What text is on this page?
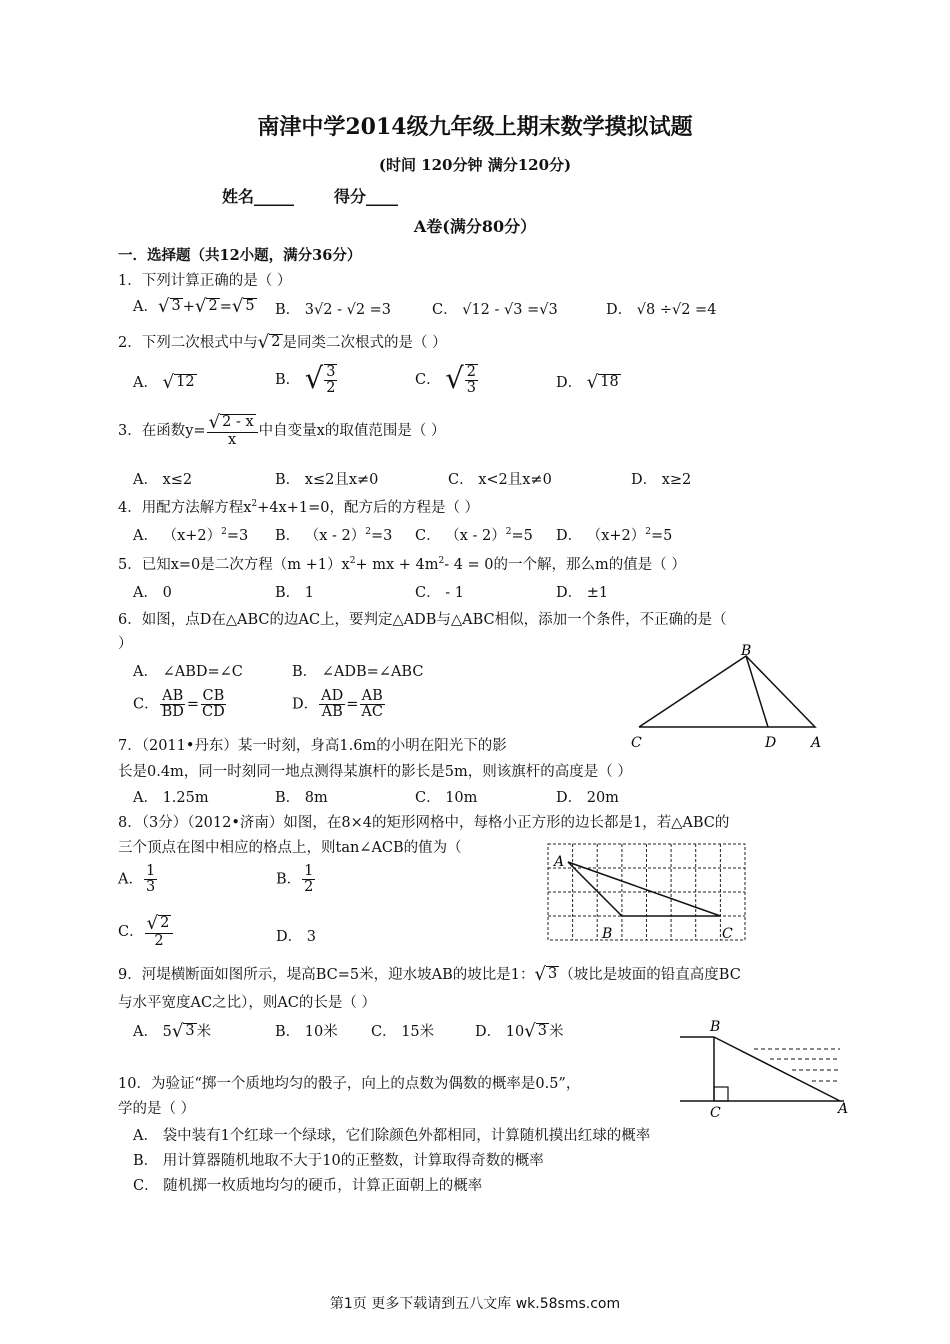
南津中学2014级九年级上期末数学摸拟试题
(时间 120分钟 满分120分)
姓名_____	得分____
A卷(满分80分）
一．选择题（共12小题，满分36分）
1．下列计算正确的是（ ）
A． √ 3 + √ 2 = √ 5 B． 3√2 - √2 =3	C． √12 - √3 =√3	D． √8 ÷√2 =4
2．下列二次根式中与 √ 2 是同类二次根式的是（ ）
A． √ 12	B． √ $\frac{3}{2}$	C． √ $\frac{2}{3}$	D． √ 18
3．在函数$y= \frac{√ 2 - x}{x}$ 中自变量x的取值范围是（ ）
A． x≤2	B． x≤2且x≠0	C． x<2且x≠0	D． x≥2
4．用配方法解方程$x^2+4x+1=0$，配方后的方程是（ ）
A． $(x+2)^2=3$ B． （x - 2）$^2$=3 C． （x - 2）$^2$=5 D． $(x+2)^2=5$
5．已知x=0是二次方程$(m +1)x^2+$ mx + $4m^2-$ 4 = 0的一个解，那么m的值是（ ）
A． 0	B． 1	C． - 1	D． ±1
6．如图，点D在△ABC的边AC上，要判定△ADB与△ABC相似，添加一个条件，不正确的是（
）
A． ∠ABD=∠C	B． ∠ADB=∠ABC
C． $\frac{AB}{BD} = \frac{CB}{CD}$	D． $\frac{AD}{AB} = \frac{AB}{AC}$
B
C	D A
7．（2011•丹东）某一时刻，身高1.6m的小明在阳光下的影
长是0.4m，同一时刻同一地点测得某旗杆的影长是5m，则该旗杆的高度是（ ）
A． 1.25m	B． 8m	C． 10m	D． 20m
8．（3分）（2012•济南）如图，在8×4的矩形网格中，每格小正方形的边长都是1，若△ABC的
三个顶点在图中相应的格点上，则tan∠ACB的值为（
A． $\frac{1}{3}$	B． $\frac{1}{2}$
C． $\frac{√ 2}{2}$	D． 3
A
B	C
9．河堤横断面如图所示，堤高BC=5米，迎水坡AB的坡比是1： √ 3 （坡比是坡面的铅直高度BC
与水平宽度AC之比），则AC的长是（ ）
A． 5 √ 3 米	B． 10米 C． 15米	D． 10 √ 3 米	B
C	A
10．为验证“掷一个质地均匀的骰子，向上的点数为偶数的概率是0.5”，
学的是（ ）
A． 袋中装有1个红球一个绿球，它们除颜色外都相同，计算随机摸出红球的概率
B． 用计算器随机地取不大于10的正整数，计算取得奇数的概率
C． 随机掷一枚质地均匀的硬币，计算正面朝上的概率
第1页 更多下载请到五八文库 wk.58sms.com
